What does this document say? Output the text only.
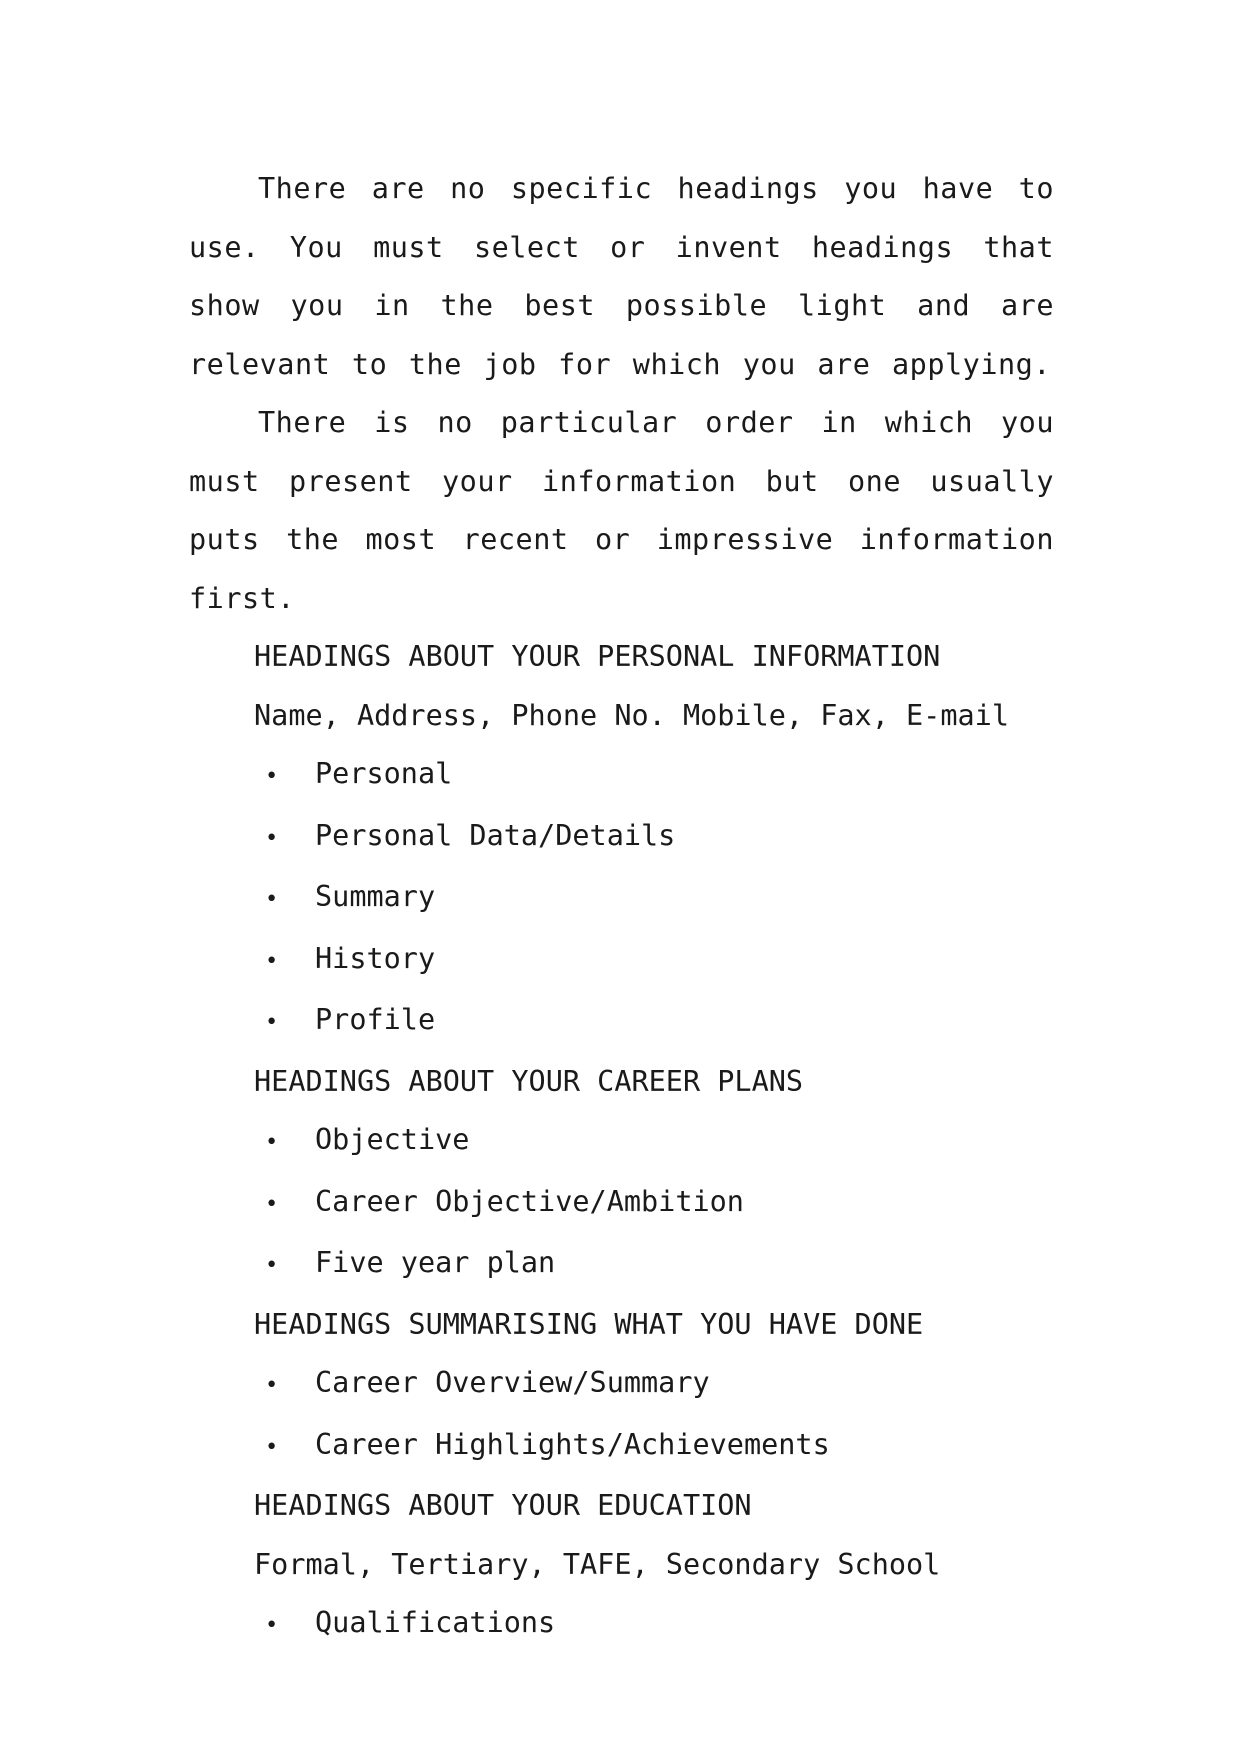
There are no specific headings you have to use. You must select or invent headings that show you in the best possible light and are relevant to the job for which you are applying.

There is no particular order in which you must present your information but one usually puts the most recent or impressive information first.

HEADINGS ABOUT YOUR PERSONAL INFORMATION
Name, Address, Phone No. Mobile, Fax, E-mail
•	Personal
•	Personal Data/Details
•	Summary
•	History
•	Profile
HEADINGS ABOUT YOUR CAREER PLANS
•	Objective
•	Career Objective/Ambition
•	Five year plan
HEADINGS SUMMARISING WHAT YOU HAVE DONE
•	Career Overview/Summary
•	Career Highlights/Achievements
HEADINGS ABOUT YOUR EDUCATION
Formal, Tertiary, TAFE, Secondary School
•	Qualifications
